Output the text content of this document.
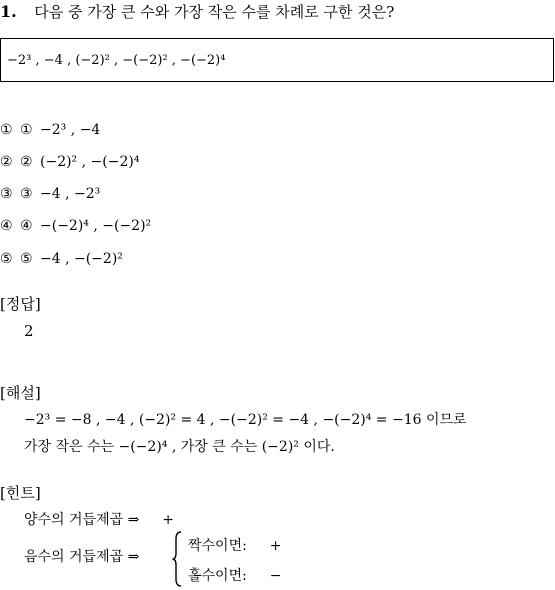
1. 다음 중 가장 큰 수와 가장 작은 수를 차례로 구한 것은?
−2³ , −4 , (−2)² , −(−2)² , −(−2)⁴
① ① −2³ , −4
② ② (−2)² , −(−2)⁴
③ ③ −4 , −2³
④ ④ −(−2)⁴ , −(−2)²
⑤ ⑤ −4 , −(−2)²
[정답]
2
[해설]
−2³ = −8 , −4 , (−2)² = 4 , −(−2)² = −4 , −(−2)⁴ = −16 이므로
가장 작은 수는 −(−2)⁴ , 가장 큰 수는 (−2)² 이다.
[힌트]
양수의 거듭제곱 ⇒ +
음수의 거듭제곱 ⇒
짝수이면: +
홀수이면: −
